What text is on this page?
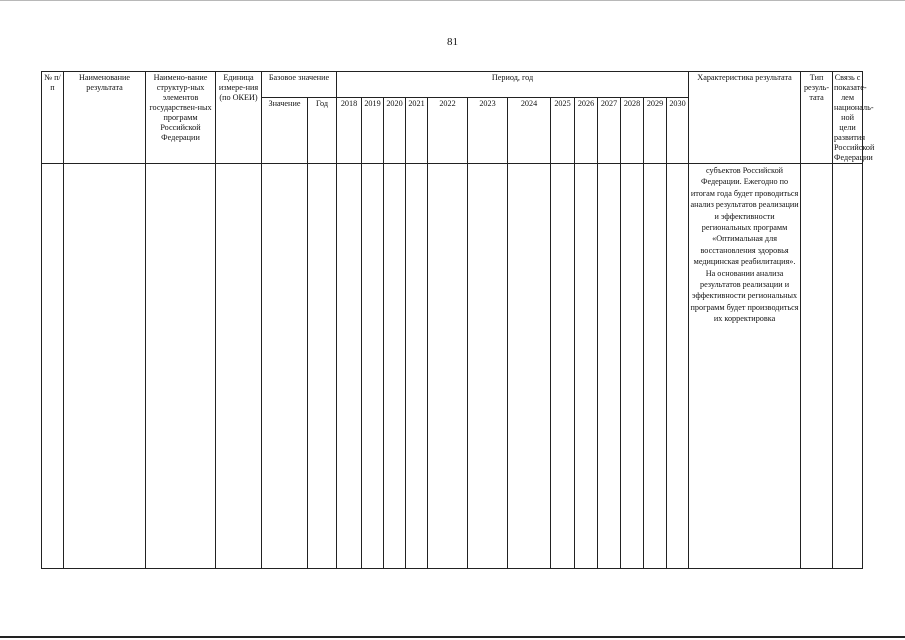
81
№ п/п	Наименование результата	Наимено-вание структур-ных элементов государствен-ных программ Российской Федерации	Единица измере-ния (по ОКЕИ)	Базовое значение		Период, год													Характеристика результата	Тип резуль-тата	Связь с показате-лем националь-ной цели развития Российской Федерации
				Значение	Год	2018	2019	2020	2021	2022	2023	2024	2025	2026	2027	2028	2029	2030			
																			субъектов Российской Федерации. Ежегодно по итогам года будет проводиться анализ результатов реализации и эффективности региональных программ «Оптимальная для восстановления здоровья медицинская реабилитация». На основании анализа результатов реализации и эффективности региональных программ будет производиться их корректировка		
